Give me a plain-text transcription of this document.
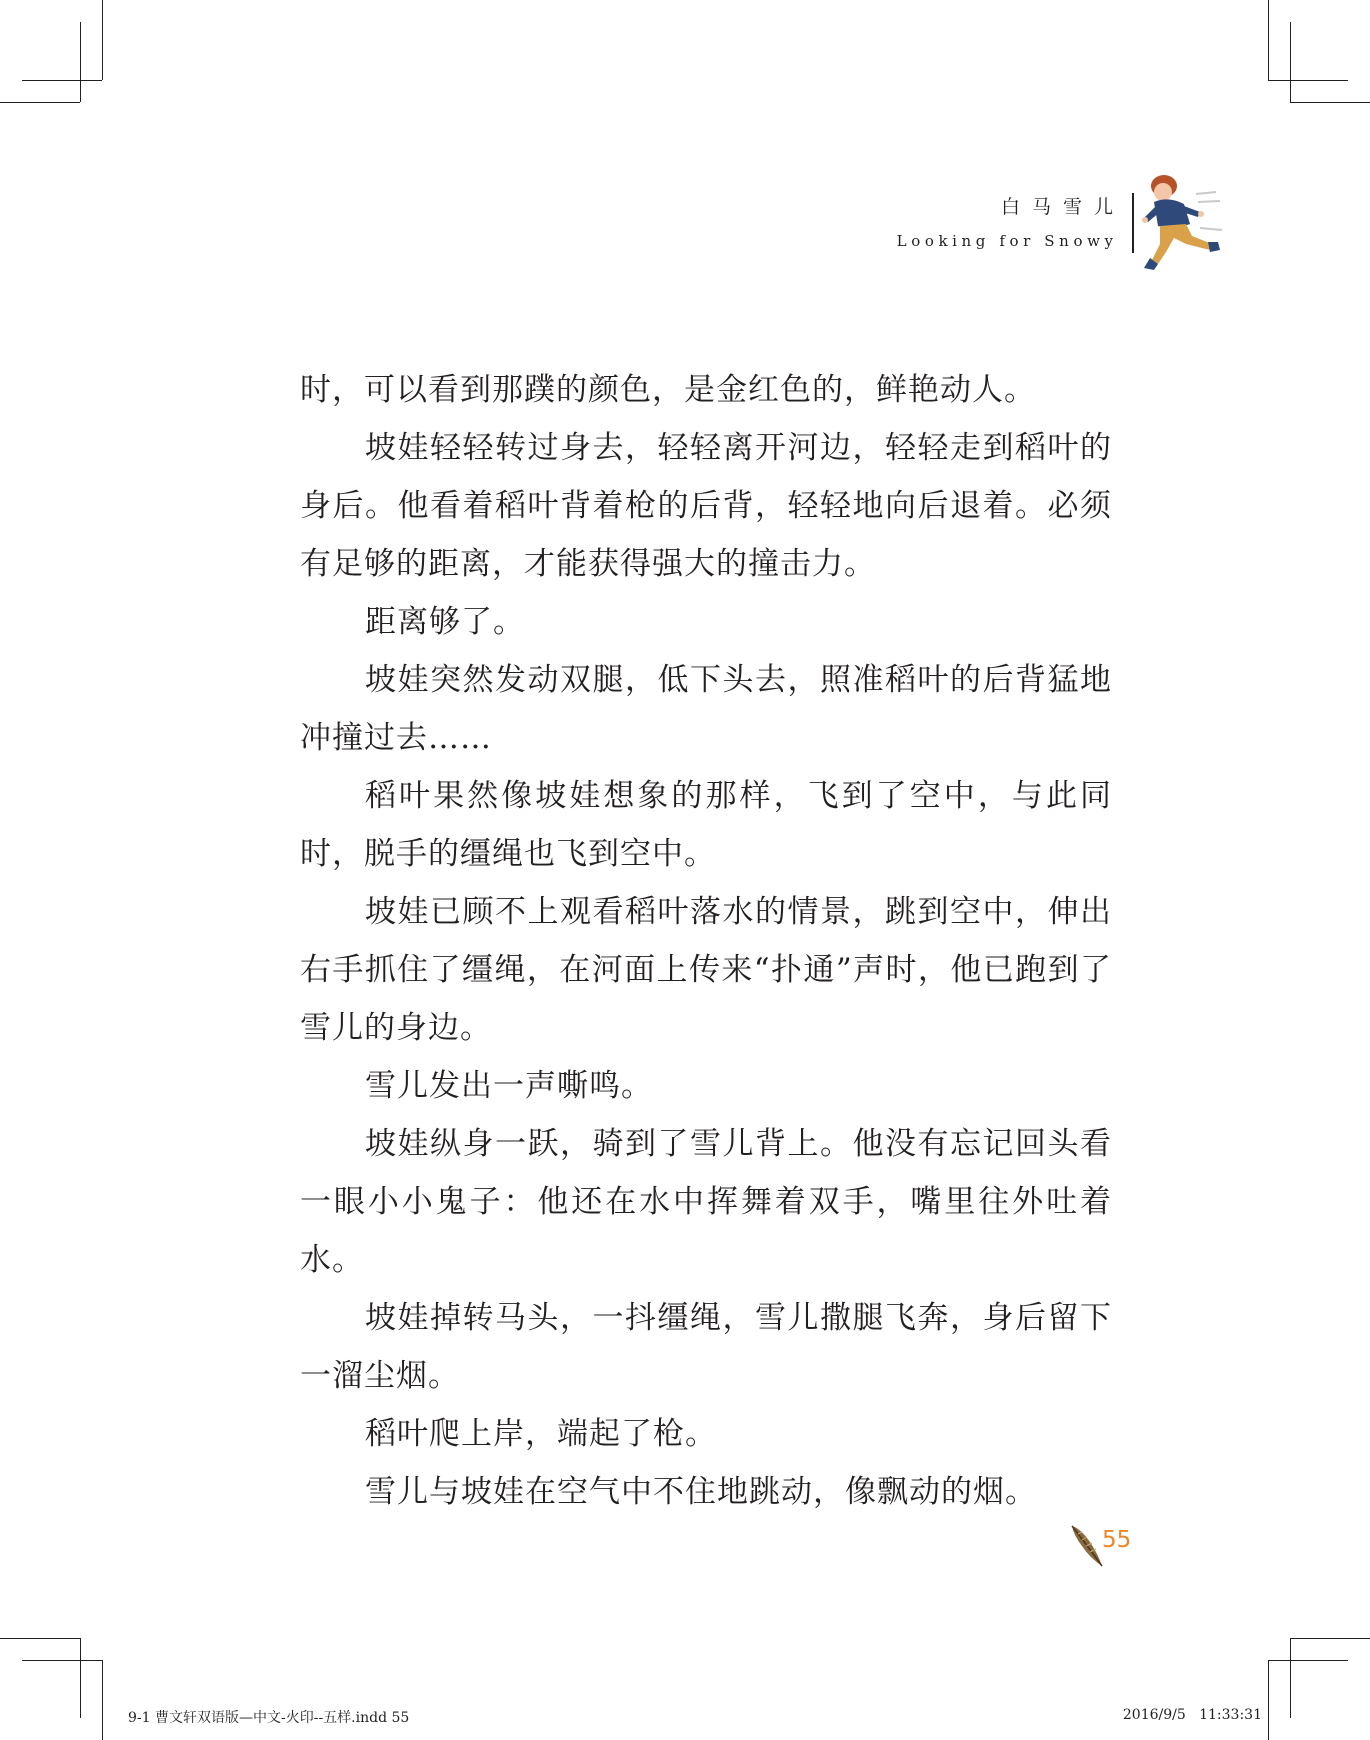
白马雪儿
Looking for Snowy

时，可以看到那蹼的颜色，是金红色的，鲜艳动人。

坡娃轻轻转过身去，轻轻离开河边，轻轻走到稻叶的身后。他看着稻叶背着枪的后背，轻轻地向后退着。必须有足够的距离，才能获得强大的撞击力。

距离够了。

坡娃突然发动双腿，低下头去，照准稻叶的后背猛地冲撞过去……

稻叶果然像坡娃想象的那样，飞到了空中，与此同时，脱手的缰绳也飞到空中。

坡娃已顾不上观看稻叶落水的情景，跳到空中，伸出右手抓住了缰绳，在河面上传来“扑通”声时，他已跑到了雪儿的身边。

雪儿发出一声嘶鸣。

坡娃纵身一跃，骑到了雪儿背上。他没有忘记回头看一眼小小鬼子：他还在水中挥舞着双手，嘴里往外吐着水。

坡娃掉转马头，一抖缰绳，雪儿撒腿飞奔，身后留下一溜尘烟。

稻叶爬上岸，端起了枪。

雪儿与坡娃在空气中不住地跳动，像飘动的烟。

55
9-1 曹文轩双语版—中文-火印--五样.indd 55	2016/9/5   11:33:31
